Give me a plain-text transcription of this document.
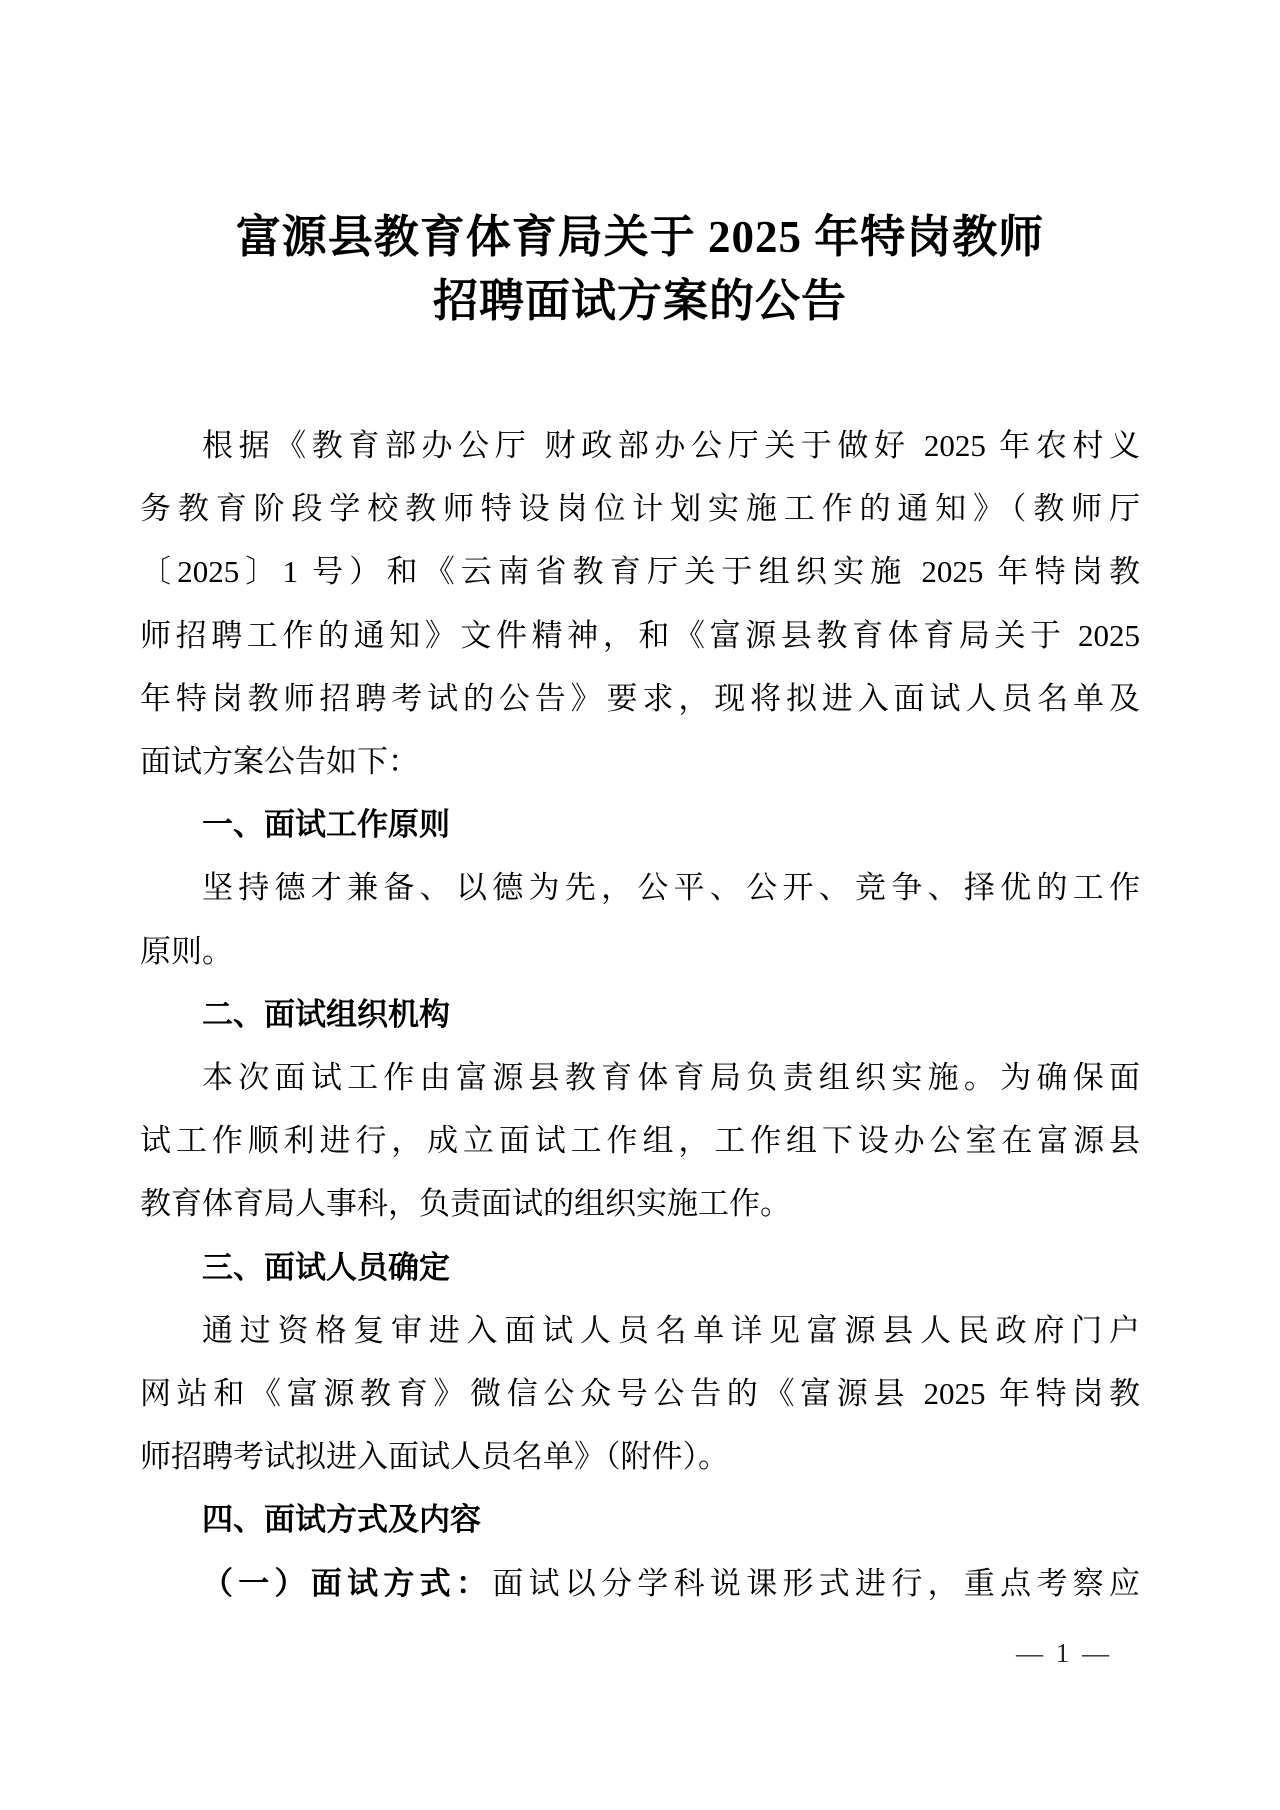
富源县教育体育局关于 2025 年特岗教师
招聘面试方案的公告
根据《教育部办公厅 财政部办公厅关于做好 2025 年农村义
务教育阶段学校教师特设岗位计划实施工作的通知》（教师厅
〔2025〕1 号）和《云南省教育厅关于组织实施 2025 年特岗教
师招聘工作的通知》文件精神，和《富源县教育体育局关于 2025
年特岗教师招聘考试的公告》要求，现将拟进入面试人员名单及
面试方案公告如下：
一、面试工作原则
坚持德才兼备、以德为先，公平、公开、竞争、择优的工作
原则。
二、面试组织机构
本次面试工作由富源县教育体育局负责组织实施。为确保面
试工作顺利进行，成立面试工作组，工作组下设办公室在富源县
教育体育局人事科，负责面试的组织实施工作。
三、面试人员确定
通过资格复审进入面试人员名单详见富源县人民政府门户
网站和《富源教育》微信公众号公告的《富源县 2025 年特岗教
师招聘考试拟进入面试人员名单》（附件）。
四、面试方式及内容
（一）面试方式：面试以分学科说课形式进行，重点考察应
— 1 —
